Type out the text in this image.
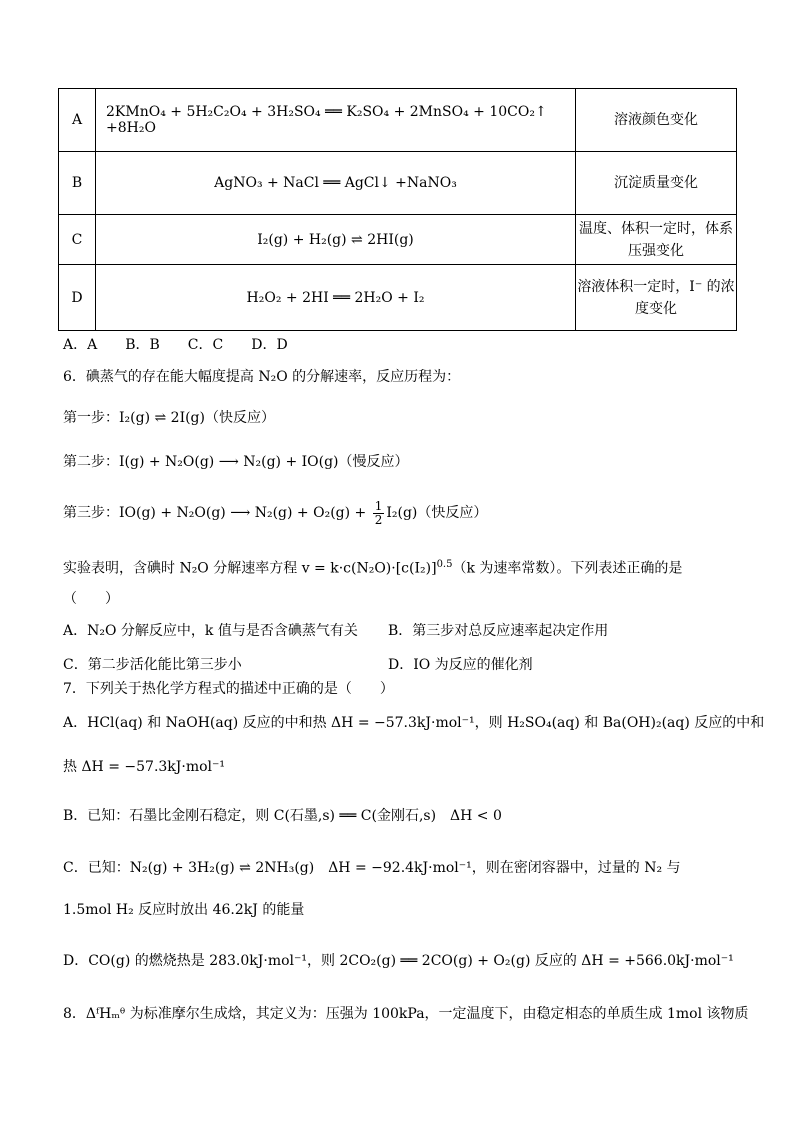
A	2KMnO₄ + 5H₂C₂O₄ + 3H₂SO₄ ══ K₂SO₄ + 2MnSO₄ + 10CO₂↑ +8H₂O	溶液颜色变化
B	AgNO₃ + NaCl ══ AgCl↓ +NaNO₃	沉淀质量变化
C	I₂(g) + H₂(g) ⇌ 2HI(g)	温度、体积一定时，体系压强变化
D	H₂O₂ + 2HI ══ 2H₂O + I₂	溶液体积一定时，I⁻ 的浓度变化
A．A　　B．B　　C．C　　D．D
6．碘蒸气的存在能大幅度提高 N₂O 的分解速率，反应历程为：
第一步：I₂(g) ⇌ 2I(g)（快反应）
第二步：I(g) + N₂O(g) ⟶ N₂(g) + IO(g)（慢反应）
第三步：IO(g) + N₂O(g) ⟶ $N_2(g) + O_2(g) + \frac{1}{2} I_2(g)$（快反应）
实验表明，含碘时 N₂O 分解速率方程 $v = k\cdot c(N_2O)\cdot[c(I_2)]^{0.5}(k$ 为速率常数）。下列表述正确的是
（　　）
A．N₂O 分解反应中，k 值与是否含碘蒸气有关 B．第三步对总反应速率起决定作用
C．第二步活化能比第三步小	D．IO 为反应的催化剂
7．下列关于热化学方程式的描述中正确的是（　　）
A．HCl(aq) 和 NaOH(aq) 反应的中和热 ΔH = −57.3kJ·mol⁻¹，则 H₂SO₄(aq) 和 Ba(OH)₂(aq) 反应的中和
热 ΔH = −57.3kJ·mol⁻¹
B．已知：石墨比金刚石稳定，则 C(石墨,s) ══ C(金刚石,s)　ΔH < 0
C．已知：N₂(g) + 3H₂(g) ⇌ 2NH₃(g)　ΔH = −92.4kJ·mol⁻¹，则在密闭容器中，过量的 N₂ 与
1.5mol H₂ 反应时放出 46.2kJ 的能量
D．CO(g) 的燃烧热是 283.0kJ·mol⁻¹，则 2CO₂(g) ══ 2CO(g) + O₂(g) 反应的 ΔH = +566.0kJ·mol⁻¹
8．ΔᶠHₘᶿ 为标准摩尔生成焓，其定义为：压强为 100kPa，一定温度下，由稳定相态的单质生成 1mol 该物质
